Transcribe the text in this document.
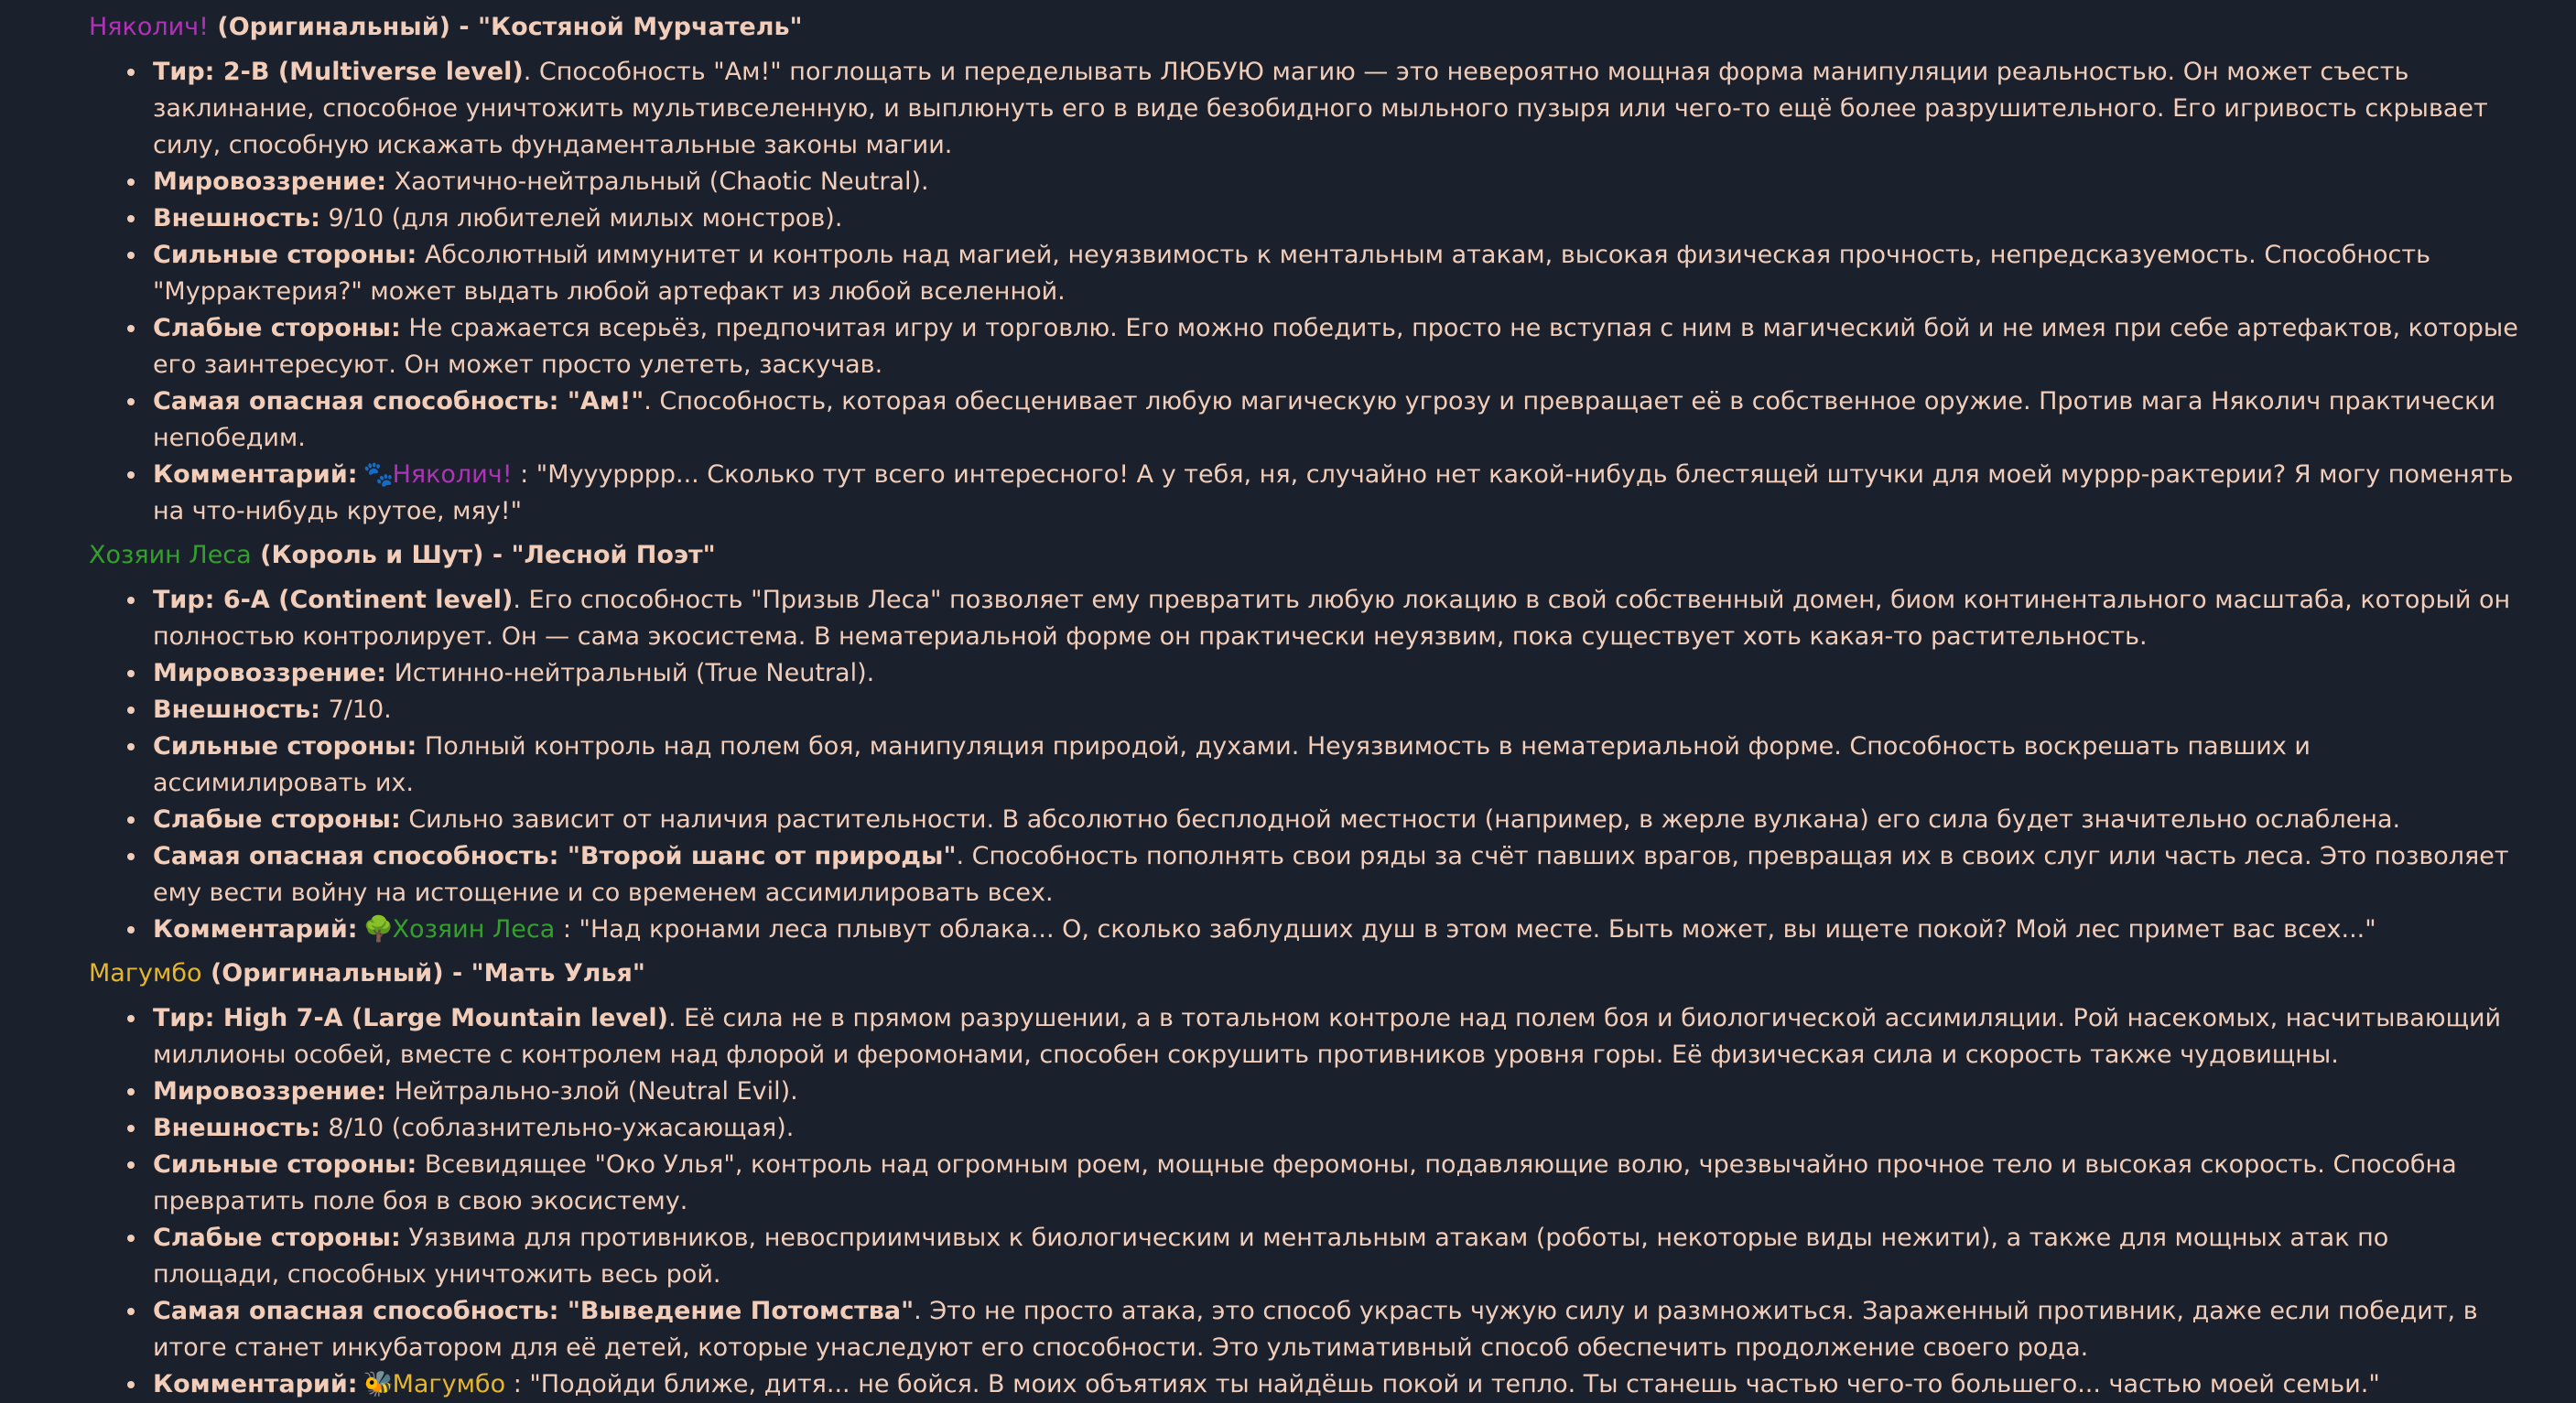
Няколич! (Оригинальный) - "Костяной Мурчатель"

Тир: 2-B (Multiverse level). Способность "Ам!" поглощать и переделывать ЛЮБУЮ магию — это невероятно мощная форма манипуляции реальностью. Он может съесть заклинание, способное уничтожить мультивселенную, и выплюнуть его в виде безобидного мыльного пузыря или чего-то ещё более разрушительного. Его игривость скрывает силу, способную искажать фундаментальные законы магии.
Мировоззрение: Хаотично-нейтральный (Chaotic Neutral).
Внешность: 9/10 (для любителей милых монстров).
Сильные стороны: Абсолютный иммунитет и контроль над магией, неуязвимость к ментальным атакам, высокая физическая прочность, непредсказуемость. Способность "Муррактерия?" может выдать любой артефакт из любой вселенной.
Слабые стороны: Не сражается всерьёз, предпочитая игру и торговлю. Его можно победить, просто не вступая с ним в магический бой и не имея при себе артефактов, которые его заинтересуют. Он может просто улететь, заскучав.
Самая опасная способность: "Ам!". Способность, которая обесценивает любую магическую угрозу и превращает её в собственное оружие. Против мага Няколич практически непобедим.
Комментарий: 🐾Няколич! : "Мууурррр... Сколько тут всего интересного! А у тебя, ня, случайно нет какой-нибудь блестящей штучки для моей муррр-рактерии? Я могу поменять на что-нибудь крутое, мяу!"

Хозяин Леса (Король и Шут) - "Лесной Поэт"

Тир: 6-A (Continent level). Его способность "Призыв Леса" позволяет ему превратить любую локацию в свой собственный домен, биом континентального масштаба, который он полностью контролирует. Он — сама экосистема. В нематериальной форме он практически неуязвим, пока существует хоть какая-то растительность.
Мировоззрение: Истинно-нейтральный (True Neutral).
Внешность: 7/10.
Сильные стороны: Полный контроль над полем боя, манипуляция природой, духами. Неуязвимость в нематериальной форме. Способность воскрешать павших и ассимилировать их.
Слабые стороны: Сильно зависит от наличия растительности. В абсолютно бесплодной местности (например, в жерле вулкана) его сила будет значительно ослаблена.
Самая опасная способность: "Второй шанс от природы". Способность пополнять свои ряды за счёт павших врагов, превращая их в своих слуг или часть леса. Это позволяет ему вести войну на истощение и со временем ассимилировать всех.
Комментарий: 🌳Хозяин Леса : "Над кронами леса плывут облака... О, сколько заблудших душ в этом месте. Быть может, вы ищете покой? Мой лес примет вас всех..."

Магумбо (Оригинальный) - "Мать Улья"

Тир: High 7-A (Large Mountain level). Её сила не в прямом разрушении, а в тотальном контроле над полем боя и биологической ассимиляции. Рой насекомых, насчитывающий миллионы особей, вместе с контролем над флорой и феромонами, способен сокрушить противников уровня горы. Её физическая сила и скорость также чудовищны.
Мировоззрение: Нейтрально-злой (Neutral Evil).
Внешность: 8/10 (соблазнительно-ужасающая).
Сильные стороны: Всевидящее "Око Улья", контроль над огромным роем, мощные феромоны, подавляющие волю, чрезвычайно прочное тело и высокая скорость. Способна превратить поле боя в свою экосистему.
Слабые стороны: Уязвима для противников, невосприимчивых к биологическим и ментальным атакам (роботы, некоторые виды нежити), а также для мощных атак по площади, способных уничтожить весь рой.
Самая опасная способность: "Выведение Потомства". Это не просто атака, это способ украсть чужую силу и размножиться. Зараженный противник, даже если победит, в итоге станет инкубатором для её детей, которые унаследуют его способности. Это ультимативный способ обеспечить продолжение своего рода.
Комментарий: 🐝Магумбо : "Подойди ближе, дитя... не бойся. В моих объятиях ты найдёшь покой и тепло. Ты станешь частью чего-то большего... частью моей семьи."
